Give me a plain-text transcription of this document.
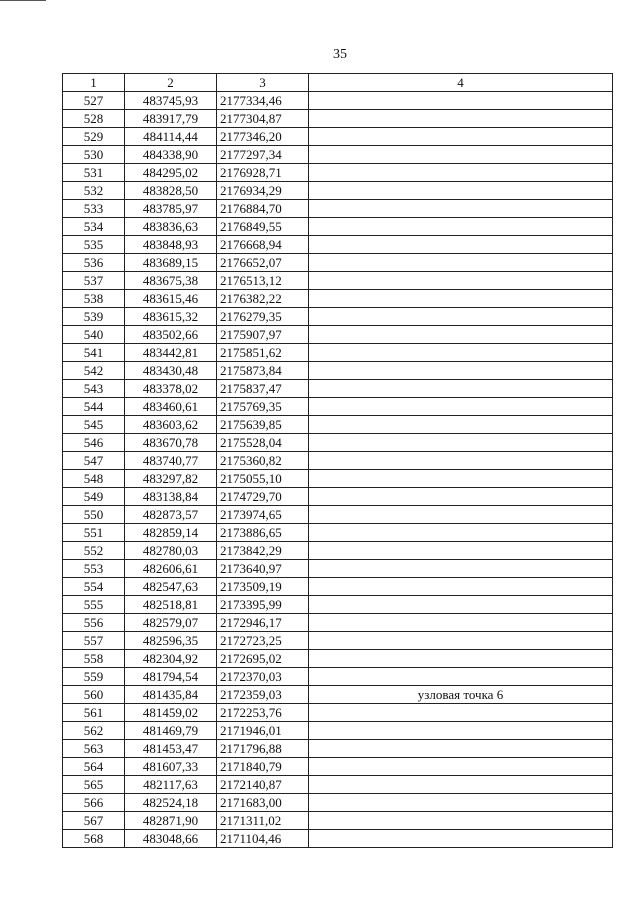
35
1	2	3	4
527	483745,93	2177334,46	
528	483917,79	2177304,87	
529	484114,44	2177346,20	
530	484338,90	2177297,34	
531	484295,02	2176928,71	
532	483828,50	2176934,29	
533	483785,97	2176884,70	
534	483836,63	2176849,55	
535	483848,93	2176668,94	
536	483689,15	2176652,07	
537	483675,38	2176513,12	
538	483615,46	2176382,22	
539	483615,32	2176279,35	
540	483502,66	2175907,97	
541	483442,81	2175851,62	
542	483430,48	2175873,84	
543	483378,02	2175837,47	
544	483460,61	2175769,35	
545	483603,62	2175639,85	
546	483670,78	2175528,04	
547	483740,77	2175360,82	
548	483297,82	2175055,10	
549	483138,84	2174729,70	
550	482873,57	2173974,65	
551	482859,14	2173886,65	
552	482780,03	2173842,29	
553	482606,61	2173640,97	
554	482547,63	2173509,19	
555	482518,81	2173395,99	
556	482579,07	2172946,17	
557	482596,35	2172723,25	
558	482304,92	2172695,02	
559	481794,54	2172370,03	
560	481435,84	2172359,03	узловая точка 6
561	481459,02	2172253,76	
562	481469,79	2171946,01	
563	481453,47	2171796,88	
564	481607,33	2171840,79	
565	482117,63	2172140,87	
566	482524,18	2171683,00	
567	482871,90	2171311,02	
568	483048,66	2171104,46	
